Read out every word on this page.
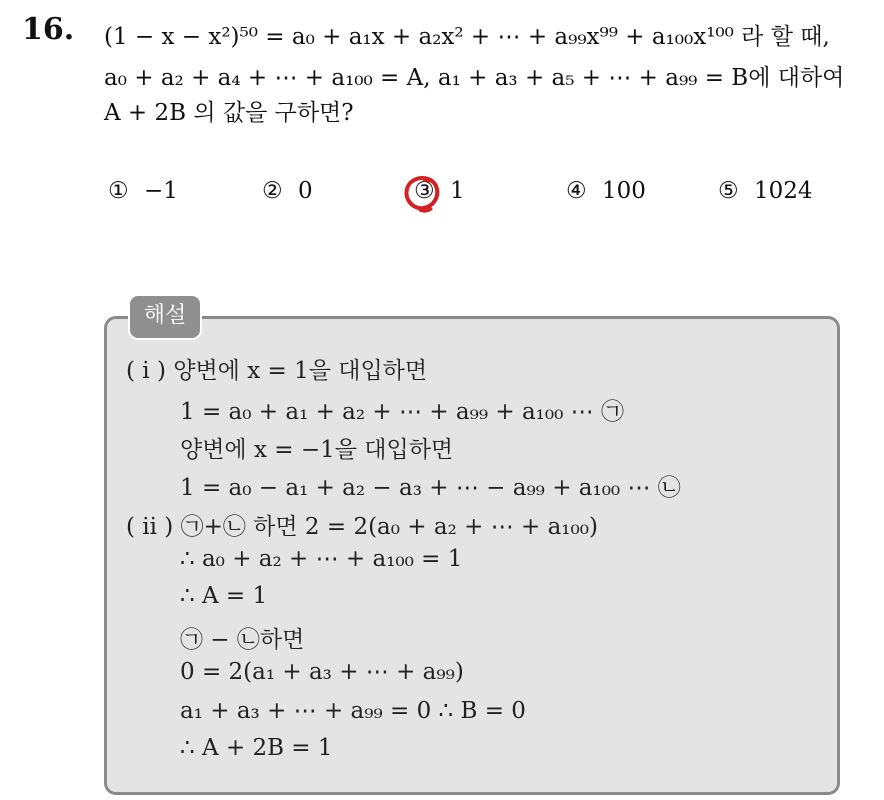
16. (1 − x − x²)⁵⁰ = a₀ + a₁x + a₂x² + ⋯ + a₉₉x⁹⁹ + a₁₀₀x¹⁰⁰ 라 할 때,
a₀ + a₂ + a₄ + ⋯ + a₁₀₀ = A, a₁ + a₃ + a₅ + ⋯ + a₉₉ = B에 대하여
A + 2B 의 값을 구하면?
① −1	② 0	③ 1	④ 100	⑤ 1024
해설
( i ) 양변에 x = 1을 대입하면
1 = a₀ + a₁ + a₂ + ⋯ + a₉₉ + a₁₀₀ ⋯ ㉠
양변에 x = −1을 대입하면
1 = a₀ − a₁ + a₂ − a₃ + ⋯ − a₉₉ + a₁₀₀ ⋯ ㉡
( ii ) ㉠+㉡ 하면 2 = 2(a₀ + a₂ + ⋯ + a₁₀₀)
∴ a₀ + a₂ + ⋯ + a₁₀₀ = 1
∴ A = 1
㉠ − ㉡하면
0 = 2(a₁ + a₃ + ⋯ + a₉₉)
a₁ + a₃ + ⋯ + a₉₉ = 0 ∴ B = 0
∴ A + 2B = 1
